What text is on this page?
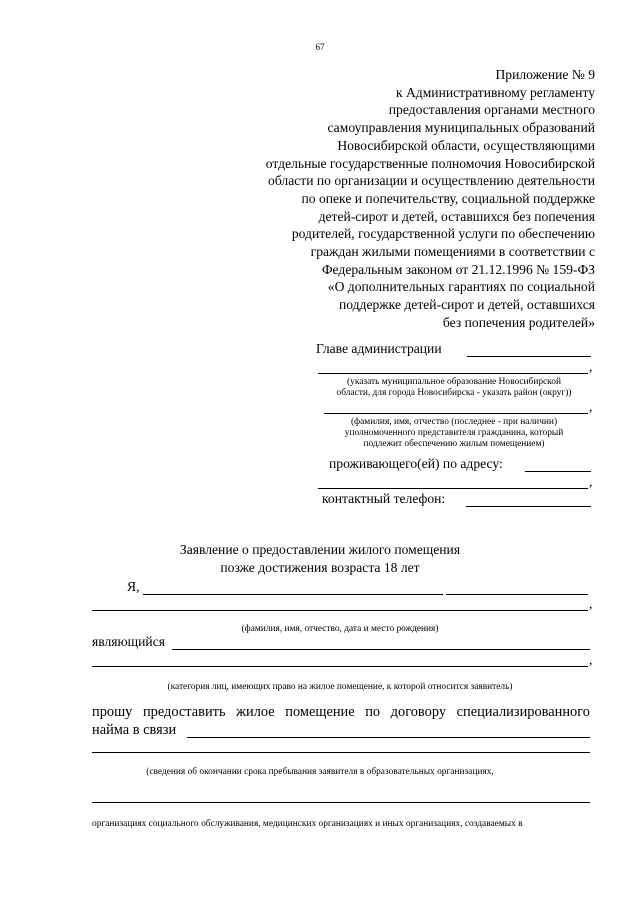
67
Приложение № 9
к Административному регламенту
предоставления органами местного
самоуправления муниципальных образований
Новосибирской области, осуществляющими
отдельные государственные полномочия Новосибирской
области по организации и осуществлению деятельности
по опеке и попечительству, социальной поддержке
детей-сирот и детей, оставшихся без попечения
родителей, государственной услуги по обеспечению
граждан жилыми помещениями в соответствии с
Федеральным законом от 21.12.1996 № 159-ФЗ
«О дополнительных гарантиях по социальной
поддержке детей-сирот и детей, оставшихся
без попечения родителей»
Главе администрации
,
(указать муниципальное образование Новосибирской
области, для города Новосибирска - указать район (округ))
,
(фамилия, имя, отчество (последнее - при наличии)
уполномоченного представителя гражданина, который
подлежит обеспечению жилым помещением)
проживающего(ей) по адресу:
,
контактный телефон:
Заявление о предоставлении жилого помещения
позже достижения возраста 18 лет
Я,
,
(фамилия, имя, отчество, дата и место рождения)
являющийся
,
(категория лиц, имеющих право на жилое помещение, к которой относится заявитель)
прошу предоставить жилое помещение по договору специализированного
найма в связи
(сведения об окончании срока пребывания заявителя в образовательных организациях,
организациях социального обслуживания, медицинских организациях и иных организациях, создаваемых в
